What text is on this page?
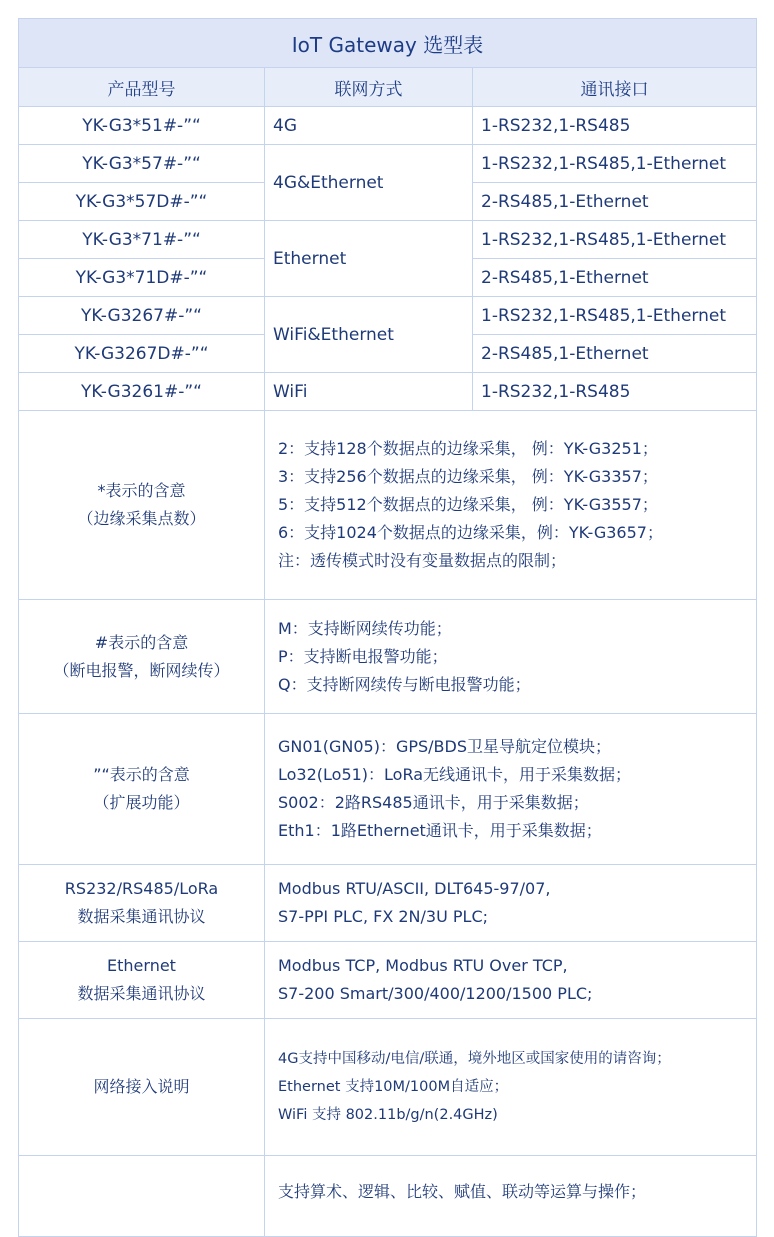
IoT Gateway 选型表		
产品型号	联网方式	通讯接口
YK-G3*51#-”“	4G	1-RS232,1-RS485
YK-G3*57#-”“	4G&Ethernet	1-RS232,1-RS485,1-Ethernet
YK-G3*57D#-”“		2-RS485,1-Ethernet
YK-G3*71#-”“	Ethernet	1-RS232,1-RS485,1-Ethernet
YK-G3*71D#-”“		2-RS485,1-Ethernet
YK-G3267#-”“	WiFi&Ethernet	1-RS232,1-RS485,1-Ethernet
YK-G3267D#-”“		2-RS485,1-Ethernet
YK-G3261#-”“	WiFi	1-RS232,1-RS485

*表示的含意
（边缘采集点数）	2：支持128个数据点的边缘采集， 例：YK-G3251；
3：支持256个数据点的边缘采集， 例：YK-G3357；
5：支持512个数据点的边缘采集， 例：YK-G3557；
6：支持1024个数据点的边缘采集，例：YK-G3657；
注：透传模式时没有变量数据点的限制；	

#表示的含意
（断电报警，断网续传）	M：支持断网续传功能；
P：支持断电报警功能；
Q：支持断网续传与断电报警功能；	

”“表示的含意
（扩展功能）	GN01(GN05)：GPS/BDS卫星导航定位模块；
Lo32(Lo51)：LoRa无线通讯卡，用于采集数据；
S002：2路RS485通讯卡，用于采集数据；
Eth1：1路Ethernet通讯卡，用于采集数据；	

RS232/RS485/LoRa
数据采集通讯协议	Modbus RTU/ASCII, DLT645-97/07,
S7-PPI PLC, FX 2N/3U PLC;	

Ethernet
数据采集通讯协议	Modbus TCP, Modbus RTU Over TCP,
S7-200 Smart/300/400/1200/1500 PLC;	

网络接入说明	4G支持中国移动/电信/联通，境外地区或国家使用的请咨询；
Ethernet 支持10M/100M自适应；
WiFi 支持 802.11b/g/n(2.4GHz)	

	支持算术、逻辑、比较、赋值、联动等运算与操作；	
